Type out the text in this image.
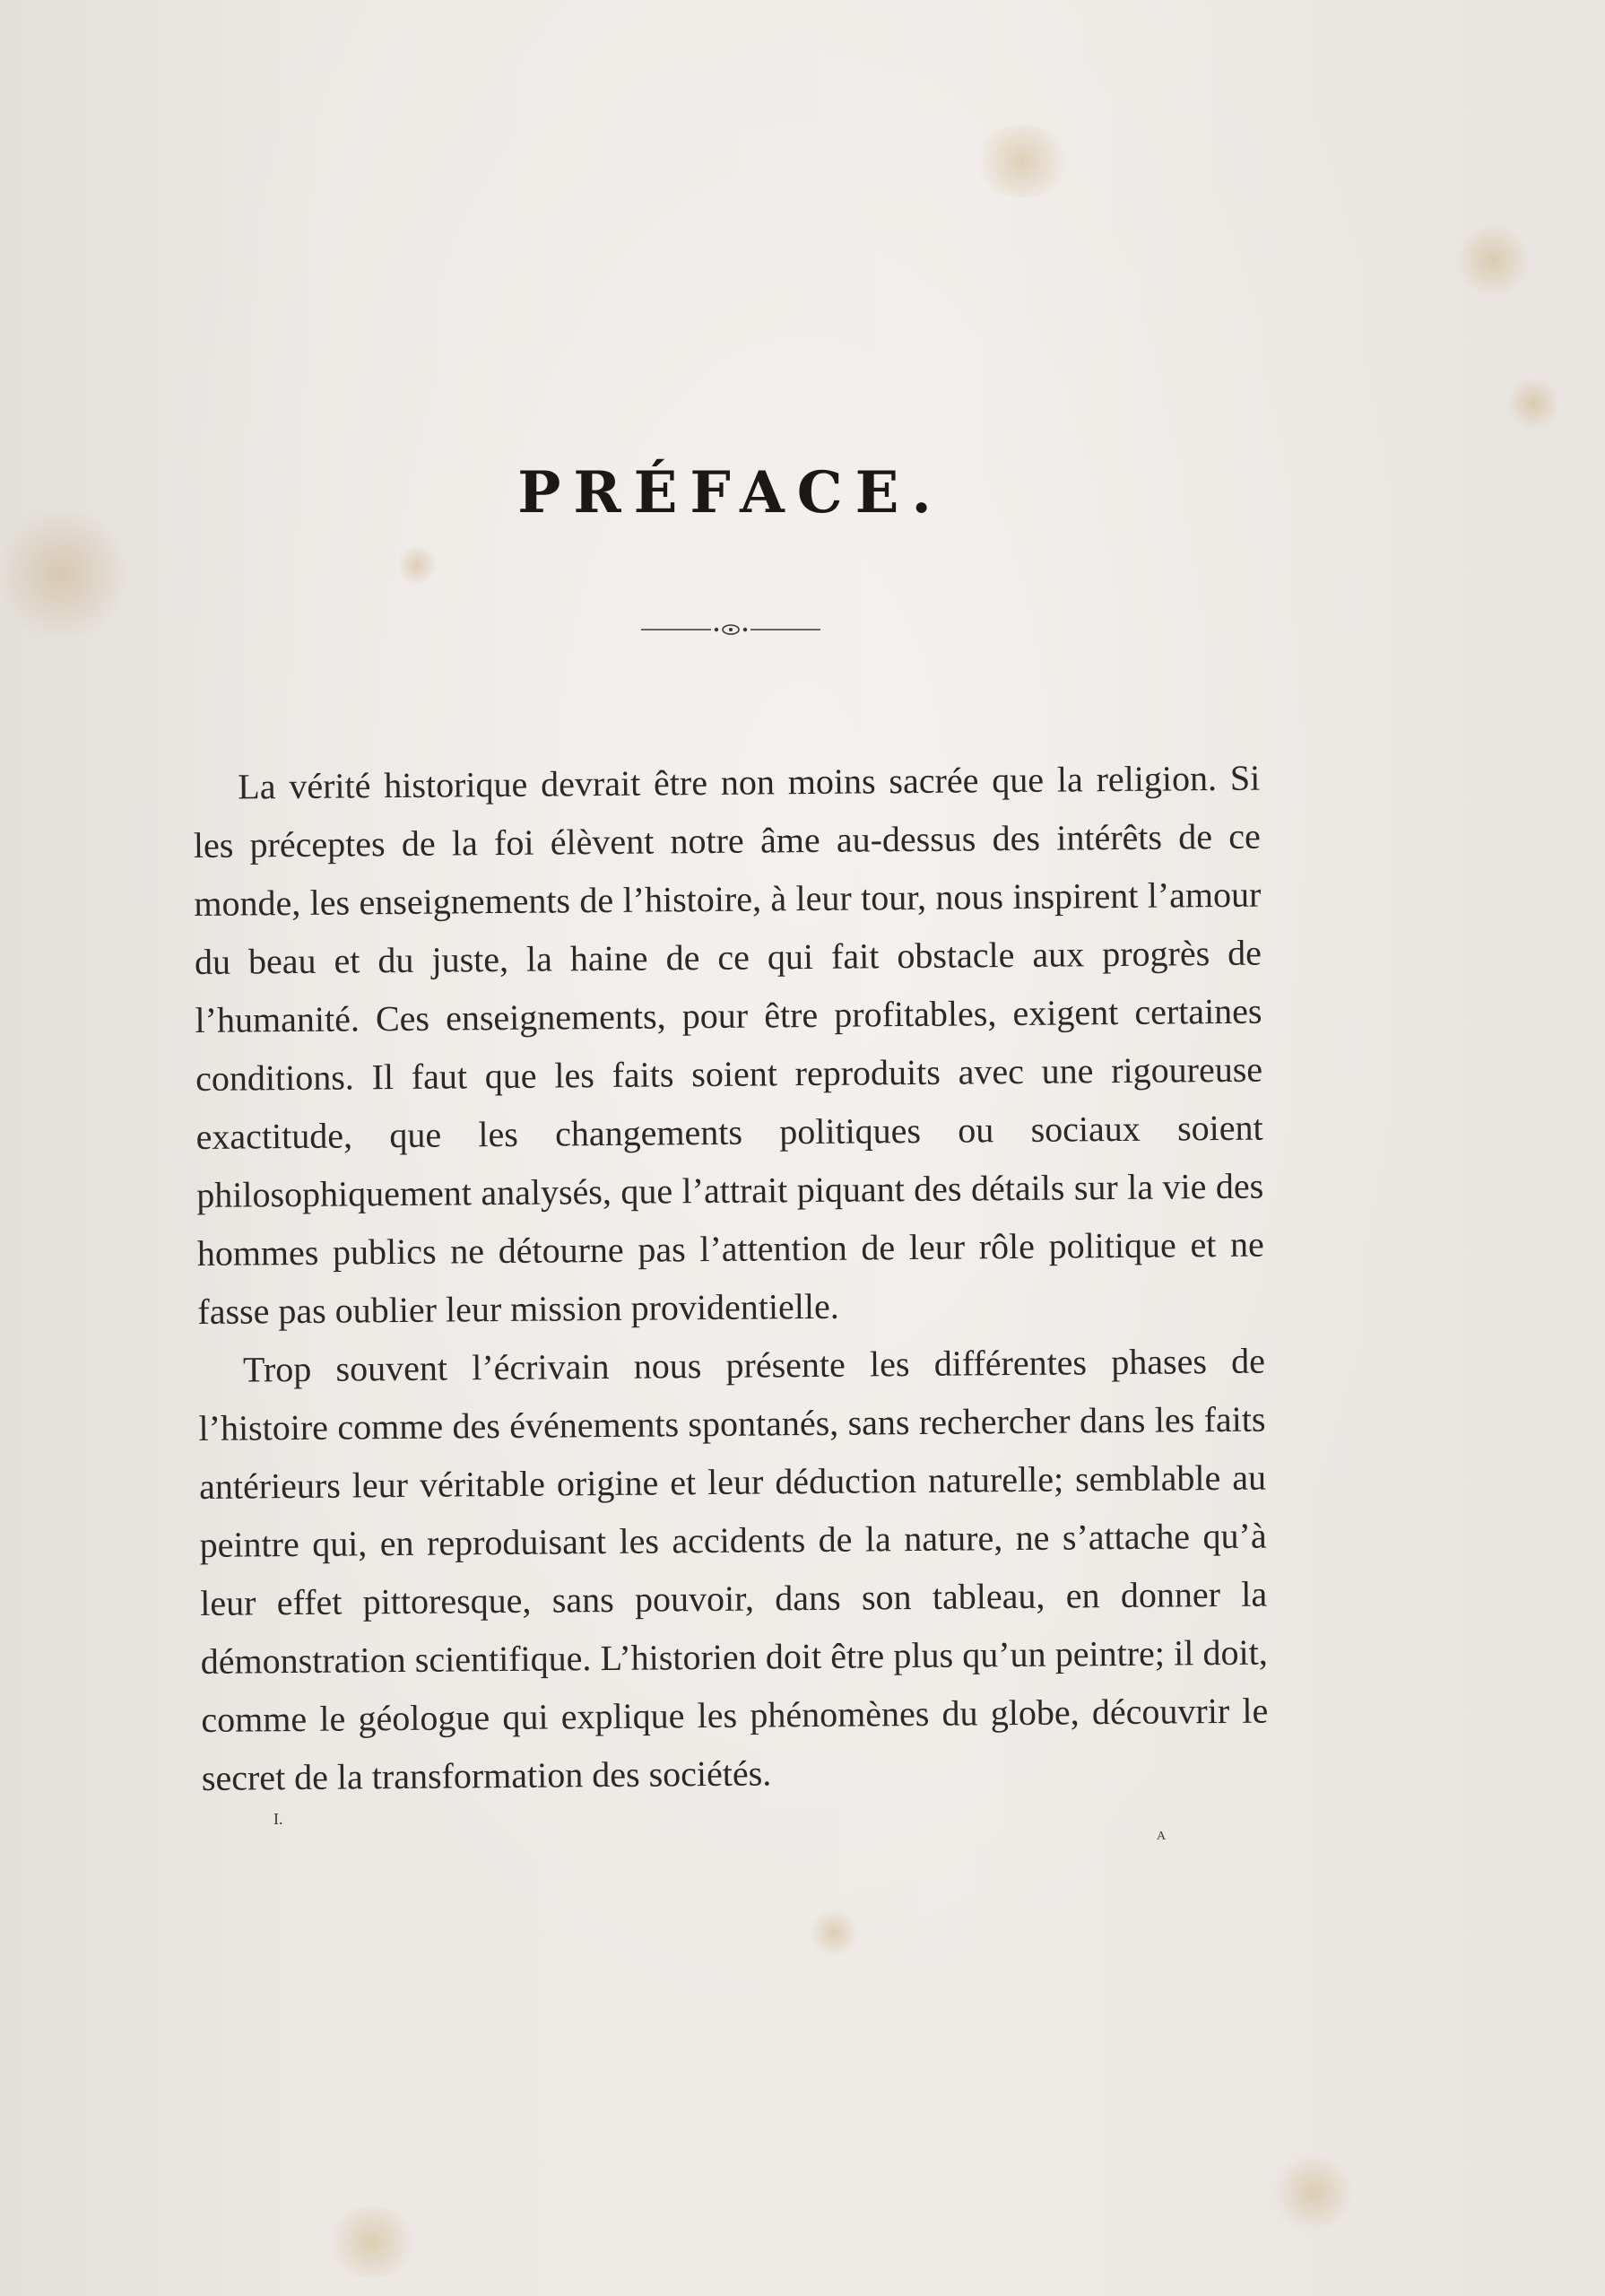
PRÉFACE.

La vérité historique devrait être non moins sacrée que la religion. Si les préceptes de la foi élèvent notre âme au-dessus des intérêts de ce monde, les enseignements de l’histoire, à leur tour, nous inspirent l’amour du beau et du juste, la haine de ce qui fait obstacle aux progrès de l’humanité. Ces enseignements, pour être profitables, exigent certaines conditions. Il faut que les faits soient reproduits avec une rigoureuse exactitude, que les changements politiques ou sociaux soient philosophiquement analysés, que l’attrait piquant des détails sur la vie des hommes publics ne détourne pas l’attention de leur rôle politique et ne fasse pas oublier leur mission providentielle.

Trop souvent l’écrivain nous présente les différentes phases de l’histoire comme des événements spontanés, sans rechercher dans les faits antérieurs leur véritable origine et leur déduction naturelle; semblable au peintre qui, en reproduisant les accidents de la nature, ne s’attache qu’à leur effet pittoresque, sans pouvoir, dans son tableau, en donner la démonstration scientifique. L’historien doit être plus qu’un peintre; il doit, comme le géologue qui explique les phénomènes du globe, découvrir le secret de la transformation des sociétés.

I.
A
